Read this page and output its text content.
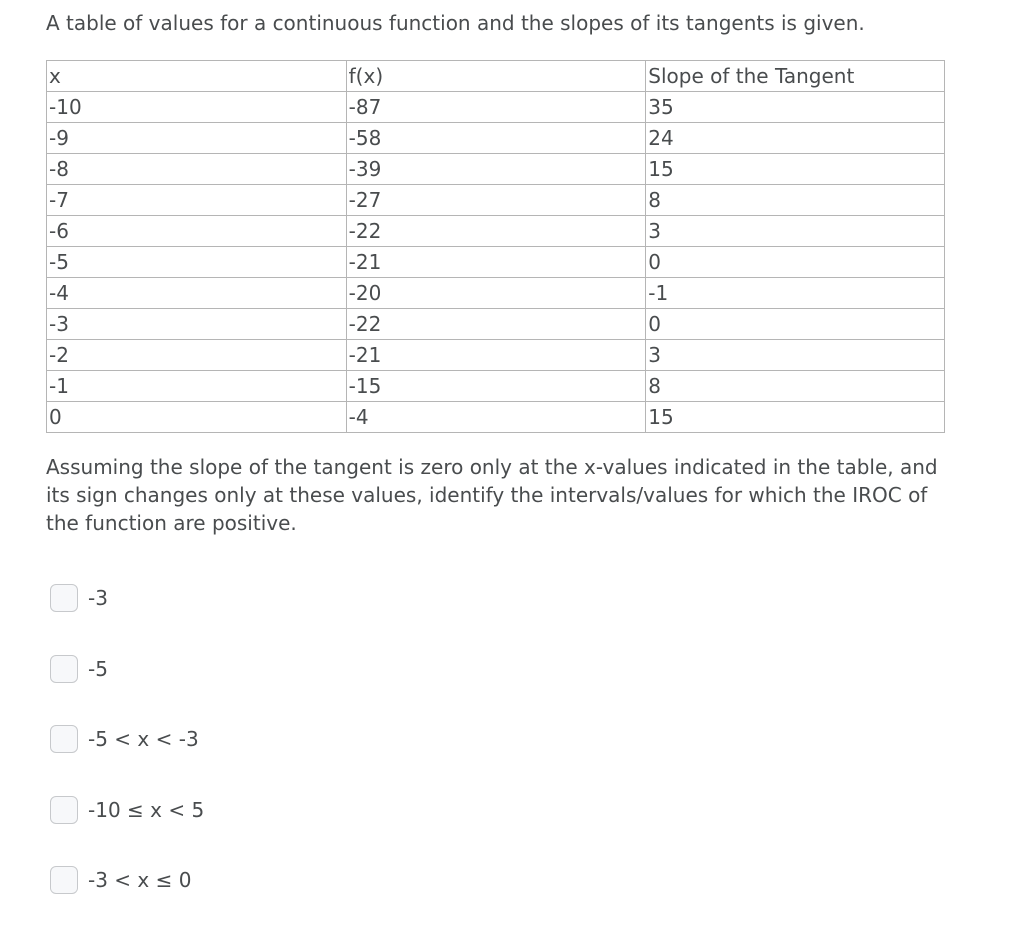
A table of values for a continuous function and the slopes of its tangents is given.

x	f(x)	Slope of the Tangent
-10	-87	35
-9	-58	24
-8	-39	15
-7	-27	8
-6	-22	3
-5	-21	0
-4	-20	-1
-3	-22	0
-2	-21	3
-1	-15	8
0	-4	15

Assuming the slope of the tangent is zero only at the x-values indicated in the table, and its sign changes only at these values, identify the intervals/values for which the IROC of the function are positive.

-3
-5
-5 < x < -3
-10 ≤ x < 5
-3 < x ≤ 0
